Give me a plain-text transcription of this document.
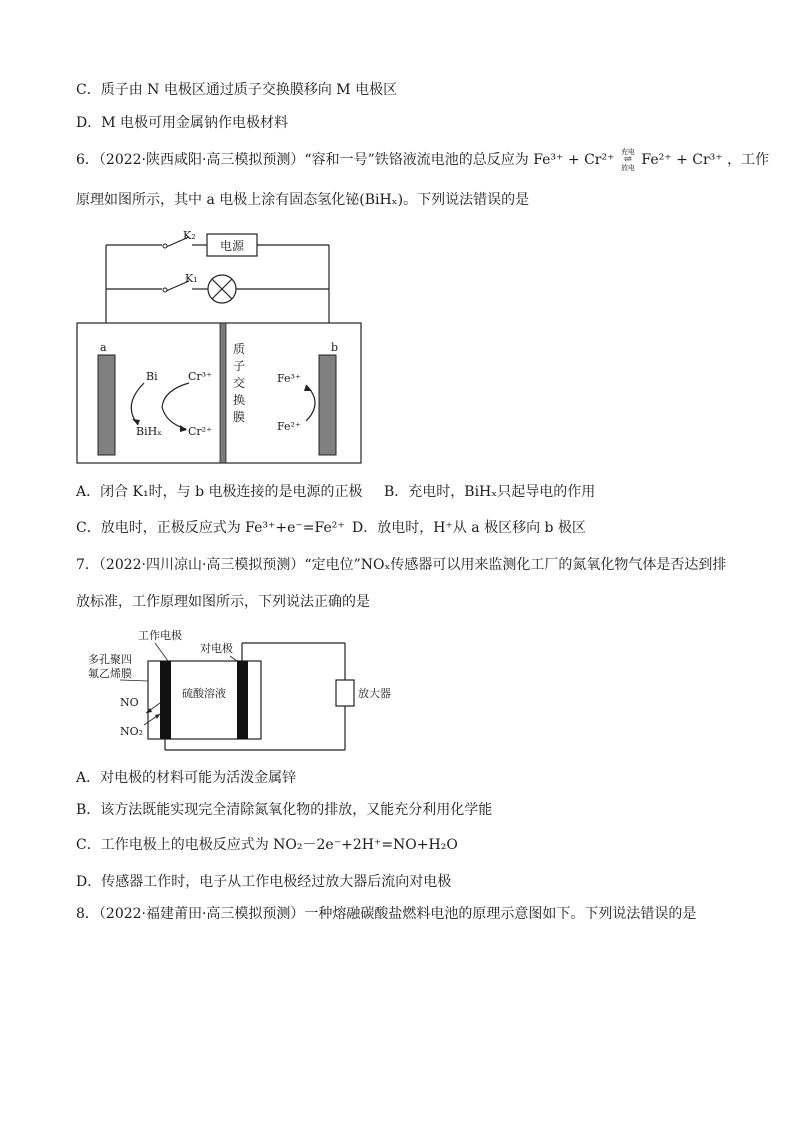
C．质子由 N 电极区通过质子交换膜移向 M 电极区
D．M 电极可用金属钠作电极材料
6．（2022·陕西咸阳·高三模拟预测）“容和一号”铁铬液流电池的总反应为 Fe³⁺ + Cr²⁺ 充电
⇌
放电 Fe²⁺ + Cr³⁺ ，工作
原理如图所示，其中 a 电极上涂有固态氢化铋(BiHₓ)。下列说法错误的是
K₂
电源
K₁
a	b
质
子
交
换
膜
Bi
BiHₓ
Cr³⁺
Cr²⁺
Fe³⁺
Fe²⁺
A．闭合 K₁时，与 b 电极连接的是电源的正极 B．充电时，BiHₓ只起导电的作用
C．放电时，正极反应式为 Fe³⁺+e⁻=Fe²⁺ D．放电时，H⁺从 a 极区移向 b 极区
7．（2022·四川凉山·高三模拟预测）“定电位”NOₓ传感器可以用来监测化工厂的氮氧化物气体是否达到排
放标准，工作原理如图所示，下列说法正确的是
工作电极
对电极
多孔聚四
氟乙烯膜
硫酸溶液
NO
NO₂
放大器
A．对电极的材料可能为活泼金属锌
B．该方法既能实现完全清除氮氧化物的排放，又能充分利用化学能
C．工作电极上的电极反应式为 NO₂－2e⁻+2H⁺=NO+H₂O
D．传感器工作时，电子从工作电极经过放大器后流向对电极
8．（2022·福建莆田·高三模拟预测）一种熔融碳酸盐燃料电池的原理示意图如下。下列说法错误的是
